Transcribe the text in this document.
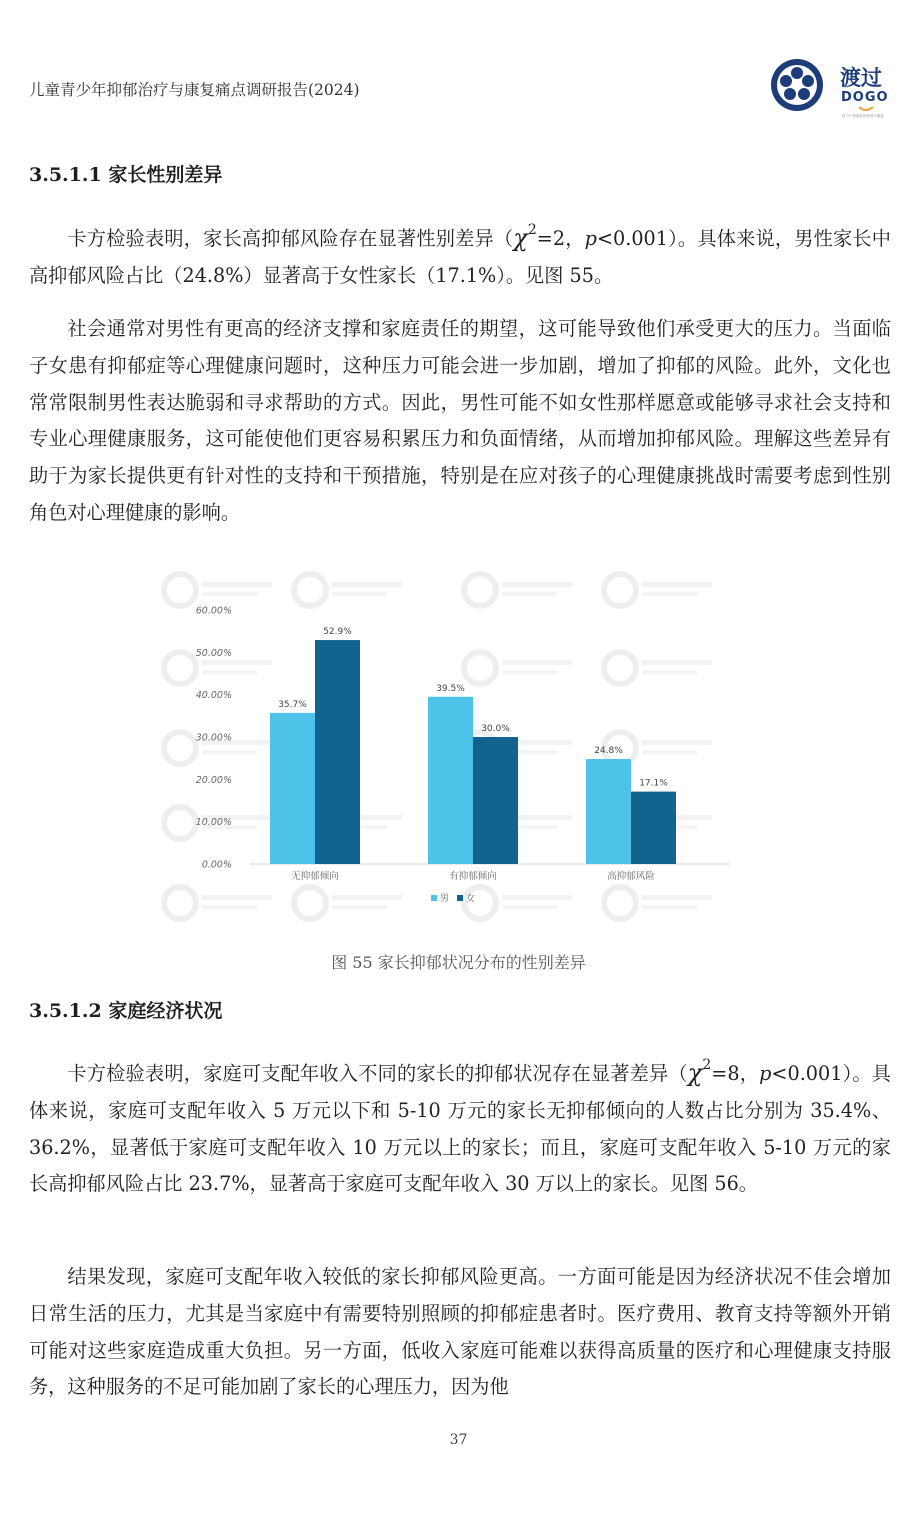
儿童青少年抑郁治疗与康复痛点调研报告(2024)	渡过
DOGO
致力于抑郁症的科普与康复
3.5.1.1 家长性别差异

卡方检验表明，家长高抑郁风险存在显著性别差异（$\chi^2=2$，p<0.001）。具体来说，男性家长中高抑郁风险占比（24.8%）显著高于女性家长（17.1%）。见图 55。

社会通常对男性有更高的经济支撑和家庭责任的期望，这可能导致他们承受更大的压力。当面临子女患有抑郁症等心理健康问题时，这种压力可能会进一步加剧，增加了抑郁的风险。此外，文化也常常限制男性表达脆弱和寻求帮助的方式。因此，男性可能不如女性那样愿意或能够寻求社会支持和专业心理健康服务，这可能使他们更容易积累压力和负面情绪，从而增加抑郁风险。理解这些差异有助于为家长提供更有针对性的支持和干预措施，特别是在应对孩子的心理健康挑战时需要考虑到性别角色对心理健康的影响。

0.00%
10.00%
20.00%
30.00%
40.00%
50.00%
60.00%
35.7%
52.9%
39.5%
30.0%
24.8%
17.1%
无抑郁倾向	有抑郁倾向	高抑郁风险
男 女
图 55 家长抑郁状况分布的性别差异
3.5.1.2 家庭经济状况

卡方检验表明，家庭可支配年收入不同的家长的抑郁状况存在显著差异（$\chi^2=8$，p<0.001）。具体来说，家庭可支配年收入 5 万元以下和 5-10 万元的家长无抑郁倾向的人数占比分别为 35.4%、36.2%，显著低于家庭可支配年收入 10 万元以上的家长；而且，家庭可支配年收入 5-10 万元的家长高抑郁风险占比 23.7%，显著高于家庭可支配年收入 30 万以上的家长。见图 56。

结果发现，家庭可支配年收入较低的家长抑郁风险更高。一方面可能是因为经济状况不佳会增加日常生活的压力，尤其是当家庭中有需要特别照顾的抑郁症患者时。医疗费用、教育支持等额外开销可能对这些家庭造成重大负担。另一方面，低收入家庭可能难以获得高质量的医疗和心理健康支持服务，这种服务的不足可能加剧了家长的心理压力，因为他

37
